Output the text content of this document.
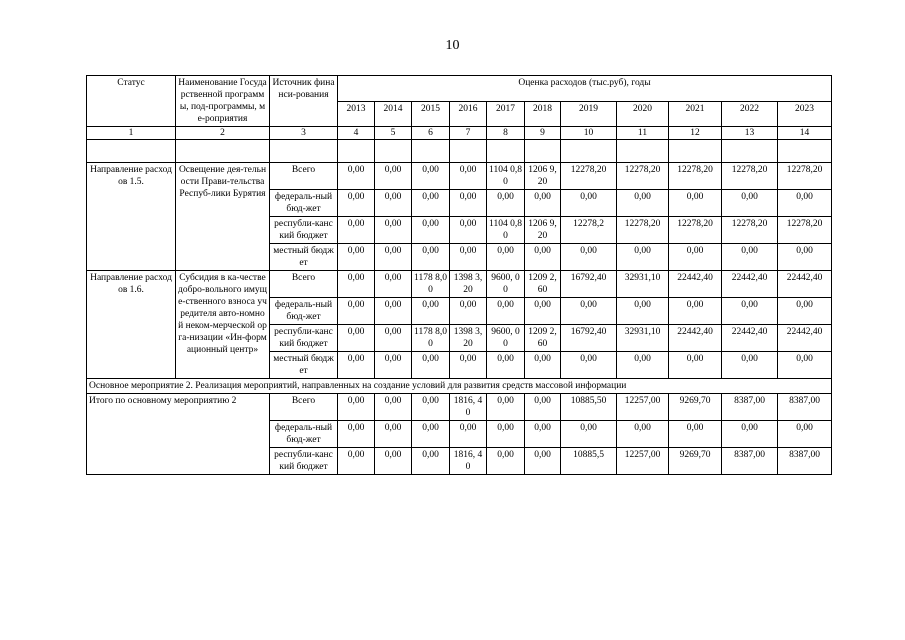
10
Статус	Наименование Государственной программы, под-программы, ме-роприятия	Источник финанси-рования	Оценка расходов (тыс.руб), годы										
			2013	2014	2015	2016	2017	2018	2019	2020	2021	2022	2023
1	2	3	4	5	6	7	8	9	10	11	12	13	14

Направление расходов 1.5.	Освещение дея-тельности Прави-тельства Респуб-лики Бурятия	Всего	0,00	0,00	0,00	0,00	1104 0,80	1206 9,20	12278,20	12278,20	12278,20	12278,20	12278,20
		федераль-ный бюд-жет	0,00	0,00	0,00	0,00	0,00	0,00	0,00	0,00	0,00	0,00	0,00
		республи-канский бюджет	0,00	0,00	0,00	0,00	1104 0,80	1206 9,20	12278,2	12278,20	12278,20	12278,20	12278,20
		местный бюджет	0,00	0,00	0,00	0,00	0,00	0,00	0,00	0,00	0,00	0,00	0,00
Направление расходов 1.6.	Субсидия в ка-честве добро-вольного имуще-ственного взноса учредителя авто-номной неком-мерческой орга-низации «Ин-формационный центр»	Всего	0,00	0,00	1178 8,00	1398 3,20	9600, 00	1209 2,60	16792,40	32931,10	22442,40	22442,40	22442,40
		федераль-ный бюд-жет	0,00	0,00	0,00	0,00	0,00	0,00	0,00	0,00	0,00	0,00	0,00
		республи-канский бюджет	0,00	0,00	1178 8,00	1398 3,20	9600, 00	1209 2,60	16792,40	32931,10	22442,40	22442,40	22442,40
		местный бюджет	0,00	0,00	0,00	0,00	0,00	0,00	0,00	0,00	0,00	0,00	0,00
Основное мероприятие 2. Реализация мероприятий, направленных на создание условий для развития средств массовой информации													
Итого по основному мероприятию 2		Всего	0,00	0,00	0,00	1816, 40	0,00	0,00	10885,50	12257,00	9269,70	8387,00	8387,00
		федераль-ный бюд-жет	0,00	0,00	0,00	0,00	0,00	0,00	0,00	0,00	0,00	0,00	0,00
		республи-канский бюджет	0,00	0,00	0,00	1816, 40	0,00	0,00	10885,5	12257,00	9269,70	8387,00	8387,00
